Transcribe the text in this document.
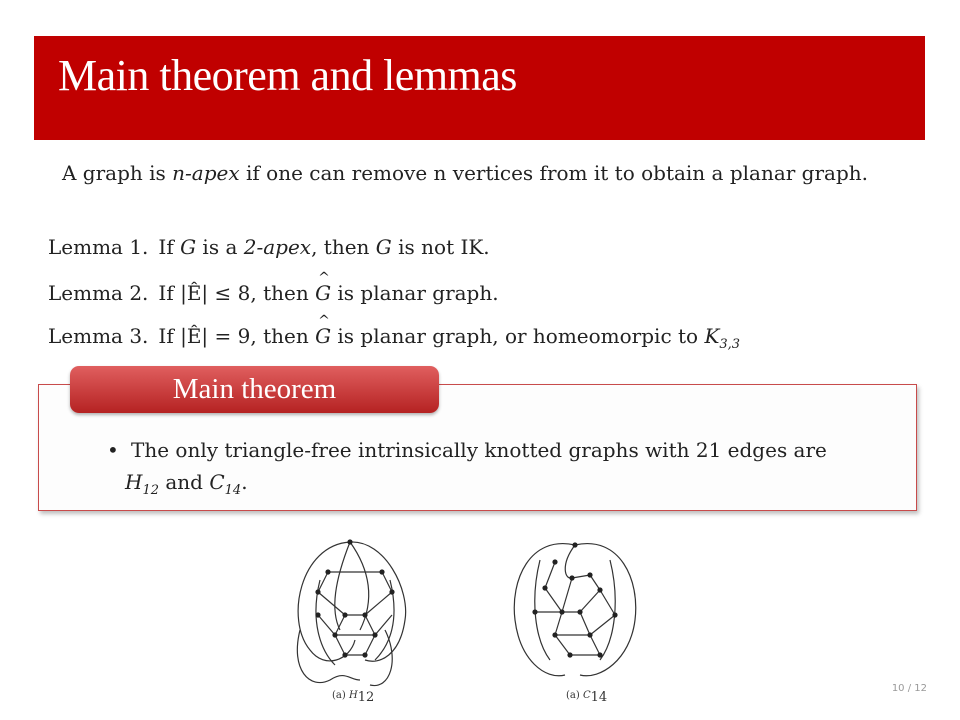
Main theorem and lemmas
A graph is n-apex if one can remove n vertices from it to obtain a planar graph.
Lemma 1. If G is a 2-apex, then G is not IK.
Lemma 2. If |Ê| ≤ 8, then G ^ is planar graph.
Lemma 3. If |Ê| = 9, then G ^ is planar graph, or homeomorpic to $K_{3,3}$
Main theorem
• The only triangle-free intrinsically knotted graphs with 21 edges are
$H_{12}$ and $C_{14}$.
(a) $H_{12}$	(a) $C_{14}$
10 / 12
